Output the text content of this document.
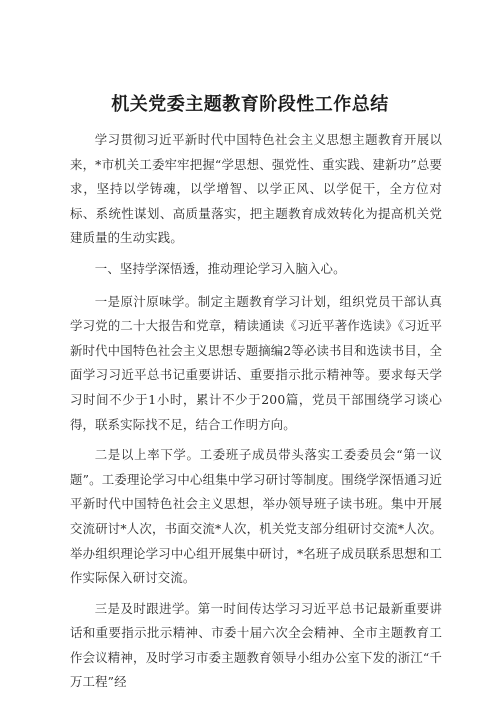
机关党委主题教育阶段性工作总结

学习贯彻习近平新时代中国特色社会主义思想主题教育开展以来，*市机关工委牢牢把握“学思想、强党性、重实践、建新功”总要求，坚持以学铸魂，以学增智、以学正风、以学促干，全方位对标、系统性谋划、高质量落实，把主题教育成效转化为提高机关党建质量的生动实践。

一、坚持学深悟透，推动理论学习入脑入心。

一是原汁原味学。制定主题教育学习计划，组织党员干部认真学习党的二十大报告和党章，精读通读《习近平著作选读》《习近平新时代中国特色社会主义思想专题摘编2等必读书目和选读书目，全面学习习近平总书记重要讲话、重要指示批示精神等。要求每天学习时间不少于1小时，累计不少于200篇，党员干部围绕学习谈心得，联系实际找不足，结合工作明方向。

二是以上率下学。工委班子成员带头落实工委委员会“第一议题”。工委理论学习中心组集中学习研讨等制度。围绕学深悟通习近平新时代中国特色社会主义思想，举办领导班子读书班。集中开展交流研讨*人次，书面交流*人次，机关党支部分组研讨交流*人次。举办组织理论学习中心组开展集中研讨，*名班子成员联系思想和工作实际保入研讨交流。

三是及时跟进学。第一时间传达学习习近平总书记最新重要讲话和重要指示批示精神、市委十届六次全会精神、全市主题教育工作会议精神，及时学习市委主题教育领导小组办公室下发的浙江“千万工程”经
